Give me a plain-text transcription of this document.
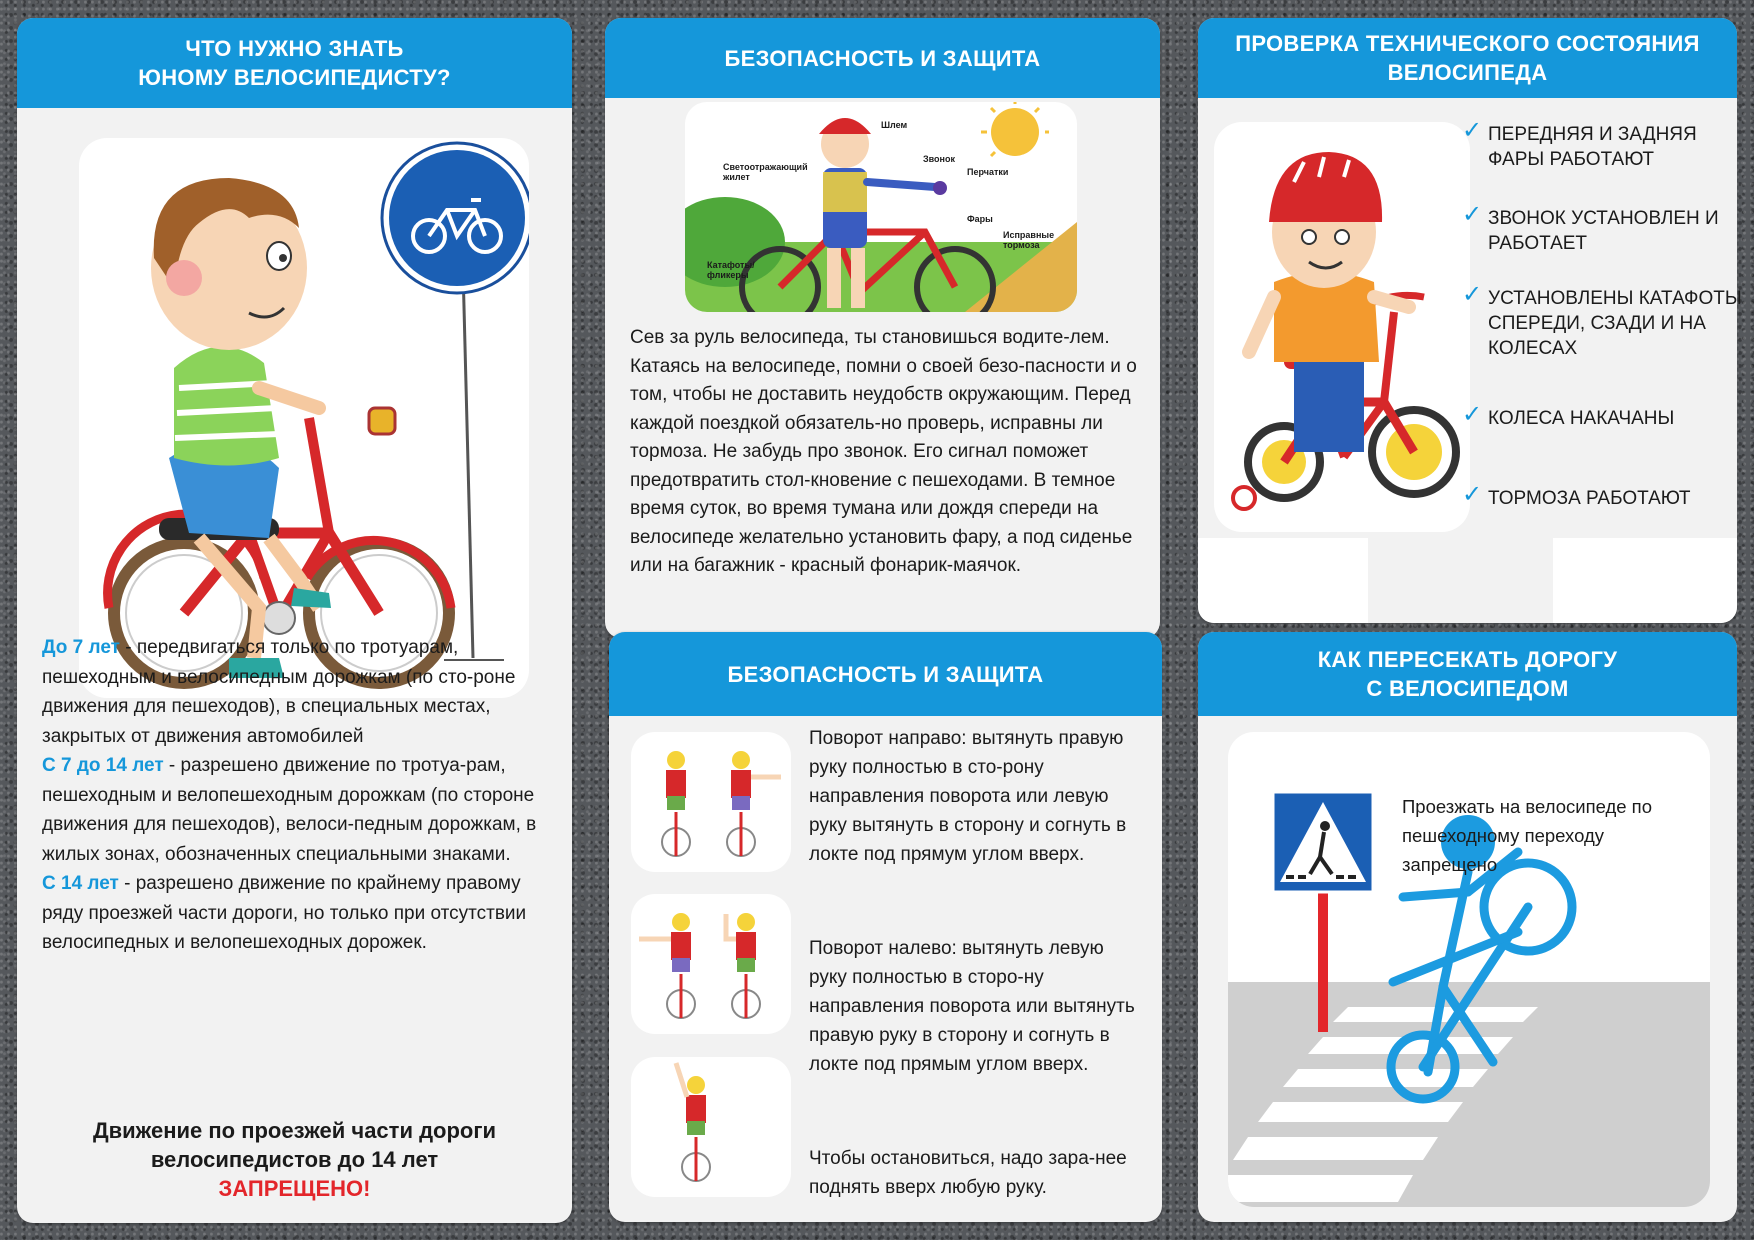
ЧТО НУЖНО ЗНАТЬ
ЮНОМУ ВЕЛОСИПЕДИСТУ?
До 7 лет - передвигаться только по тротуарам, пешеходным и велосипедным дорожкам (по сто-роне движения для пешеходов), в специальных местах, закрытых от движения автомобилей
С 7 до 14 лет - разрешено движение по тротуа-рам, пешеходным и велопешеходным дорожкам (по стороне движения для пешеходов), велоси-педным дорожкам, в жилых зонах, обозначенных специальными знаками.
С 14 лет - разрешено движение по крайнему правому ряду проезжей части дороги, но только при отсутствии велосипедных и велопешеходных дорожек.
Движение по проезжей части дороги
велосипедистов до 14 лет
ЗАПРЕЩЕНО!
БЕЗОПАСНОСТЬ И ЗАЩИТА
Шлем
Звонок
Перчатки
Светоотражающий
жилет
Фары
Исправные
тормоза
Катафоты/
фликеры
Сев за руль велосипеда, ты становишься водите-лем. Катаясь на велосипеде, помни о своей безо-пасности и о том, чтобы не доставить неудобств окружающим. Перед каждой поездкой обязатель-но проверь, исправны ли тормоза. Не забудь про звонок. Его сигнал поможет предотвратить стол-кновение с пешеходами. В темное время суток, во время тумана или дождя спереди на велосипеде желательно установить фару, а под сиденье или на багажник - красный фонарик-маячок.
ПРОВЕРКА ТЕХНИЧЕСКОГО СОСТОЯНИЯ
ВЕЛОСИПЕДА
✓ ПЕРЕДНЯЯ И ЗАДНЯЯ ФАРЫ РАБОТАЮТ
✓ ЗВОНОК УСТАНОВЛЕН И РАБОТАЕТ
✓ УСТАНОВЛЕНЫ КАТАФОТЫ СПЕРЕДИ, СЗАДИ И НА КОЛЕСАХ
✓ КОЛЕСА НАКАЧАНЫ
✓ ТОРМОЗА РАБОТАЮТ
БЕЗОПАСНОСТЬ И ЗАЩИТА
Поворот направо: вытянуть правую руку полностью в сто-рону направления поворота или левую руку вытянуть в сторону и согнуть в локте под прямум углом вверх.
Поворот налево: вытянуть левую руку полностью в сторо-ну направления поворота или вытянуть правую руку в сторону и согнуть в локте под прямым углом вверх.
Чтобы остановиться, надо зара-нее поднять вверх любую руку.
КАК ПЕРЕСЕКАТЬ ДОРОГУ
С ВЕЛОСИПЕДОМ
Проезжать на велосипеде по пешеходному переходу запрещено
